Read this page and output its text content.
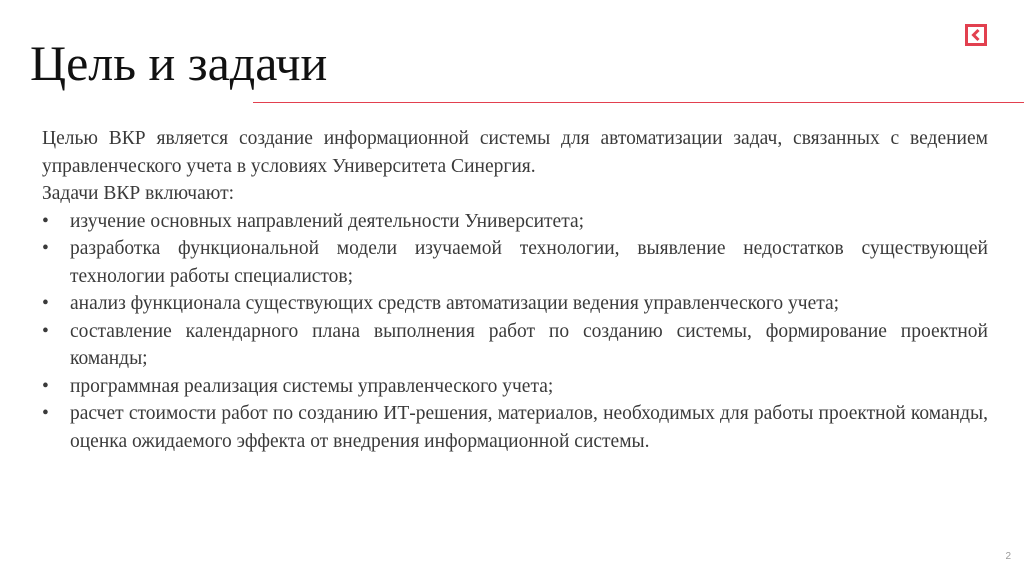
Цель и задачи

Целью ВКР является создание информационной системы для автоматизации задач, связанных с ведением управленческого учета в условиях Университета Синергия.

Задачи ВКР включают:

• изучение основных направлений деятельности Университета;
• разработка функциональной модели изучаемой технологии, выявление недостатков существующей технологии работы специалистов;
• анализ функционала существующих средств автоматизации ведения управленческого учета;
• составление календарного плана выполнения работ по созданию системы, формирование проектной команды;
• программная реализация системы управленческого учета;
• расчет стоимости работ по созданию ИТ-решения, материалов, необходимых для работы проектной команды, оценка ожидаемого эффекта от внедрения информационной системы.
2
